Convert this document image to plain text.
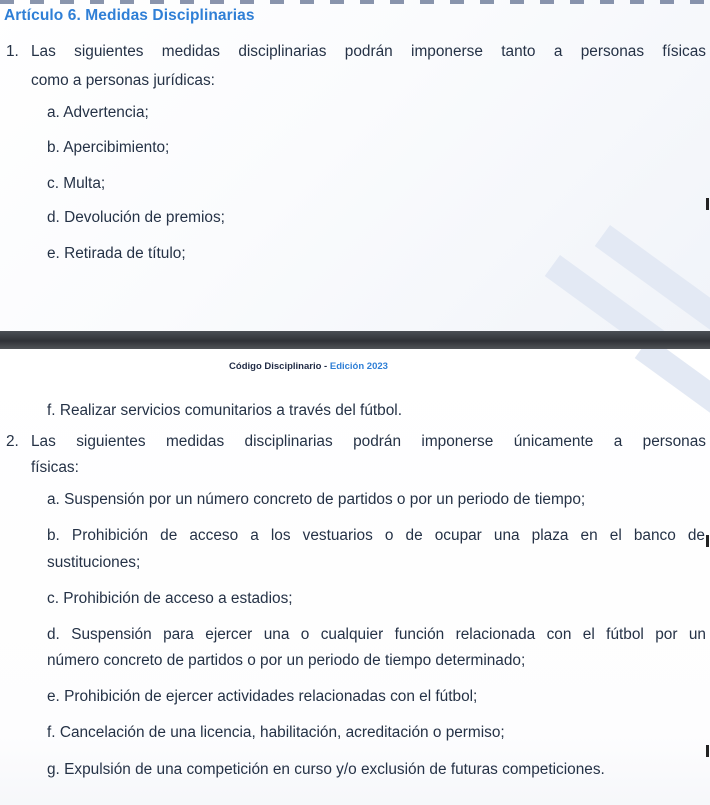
Artículo 6. Medidas Disciplinarias
1. Las siguientes medidas disciplinarias podrán imponerse tanto a personas físicas
como a personas jurídicas:
a. Advertencia;
b. Apercibimiento;
c. Multa;
d. Devolución de premios;
e. Retirada de título;
Código Disciplinario - Edición 2023
f. Realizar servicios comunitarios a través del fútbol.
2. Las siguientes medidas disciplinarias podrán imponerse únicamente a personas
físicas:
a. Suspensión por un número concreto de partidos o por un periodo de tiempo;
b. Prohibición de acceso a los vestuarios o de ocupar una plaza en el banco de
sustituciones;
c. Prohibición de acceso a estadios;
d. Suspensión para ejercer una o cualquier función relacionada con el fútbol por un
número concreto de partidos o por un periodo de tiempo determinado;
e. Prohibición de ejercer actividades relacionadas con el fútbol;
f. Cancelación de una licencia, habilitación, acreditación o permiso;
g. Expulsión de una competición en curso y/o exclusión de futuras competiciones.
